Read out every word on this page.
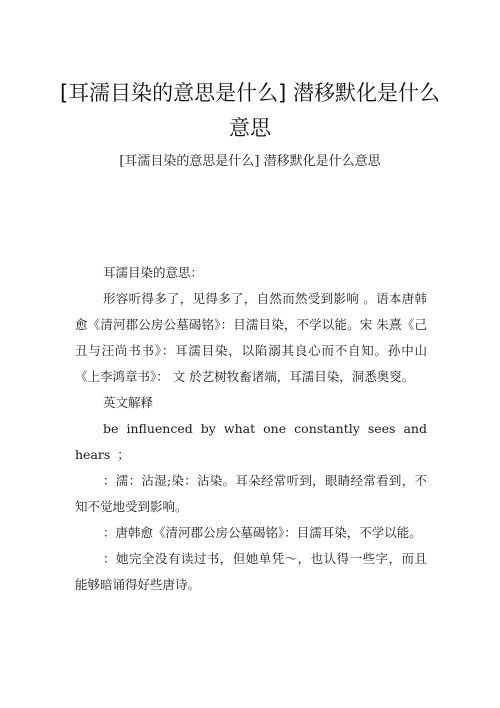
[耳濡目染的意思是什么] 潜移默化是什么
意思
[耳濡目染的意思是什么] 潜移默化是什么意思

耳濡目染的意思：

形容听得多了，见得多了，自然而然受到影响 。语本唐韩愈《清河郡公房公墓碣铭》：目濡目染，不学以能。宋 朱熹《己丑与汪尚书书》：耳濡目染，以陷溺其良心而不自知。孙中山《上李鸿章书》： 文 於艺树牧畜诸端，耳濡目染，洞悉奥窔。

英文解释

be influenced by what one constantly sees and hears ；

：濡：沾湿;染：沾染。耳朵经常听到，眼睛经常看到，不知不觉地受到影响。

：唐韩愈《清河郡公房公墓碣铭》：目濡耳染，不学以能。

：她完全没有读过书，但她单凭～，也认得一些字，而且能够暗诵得好些唐诗。
